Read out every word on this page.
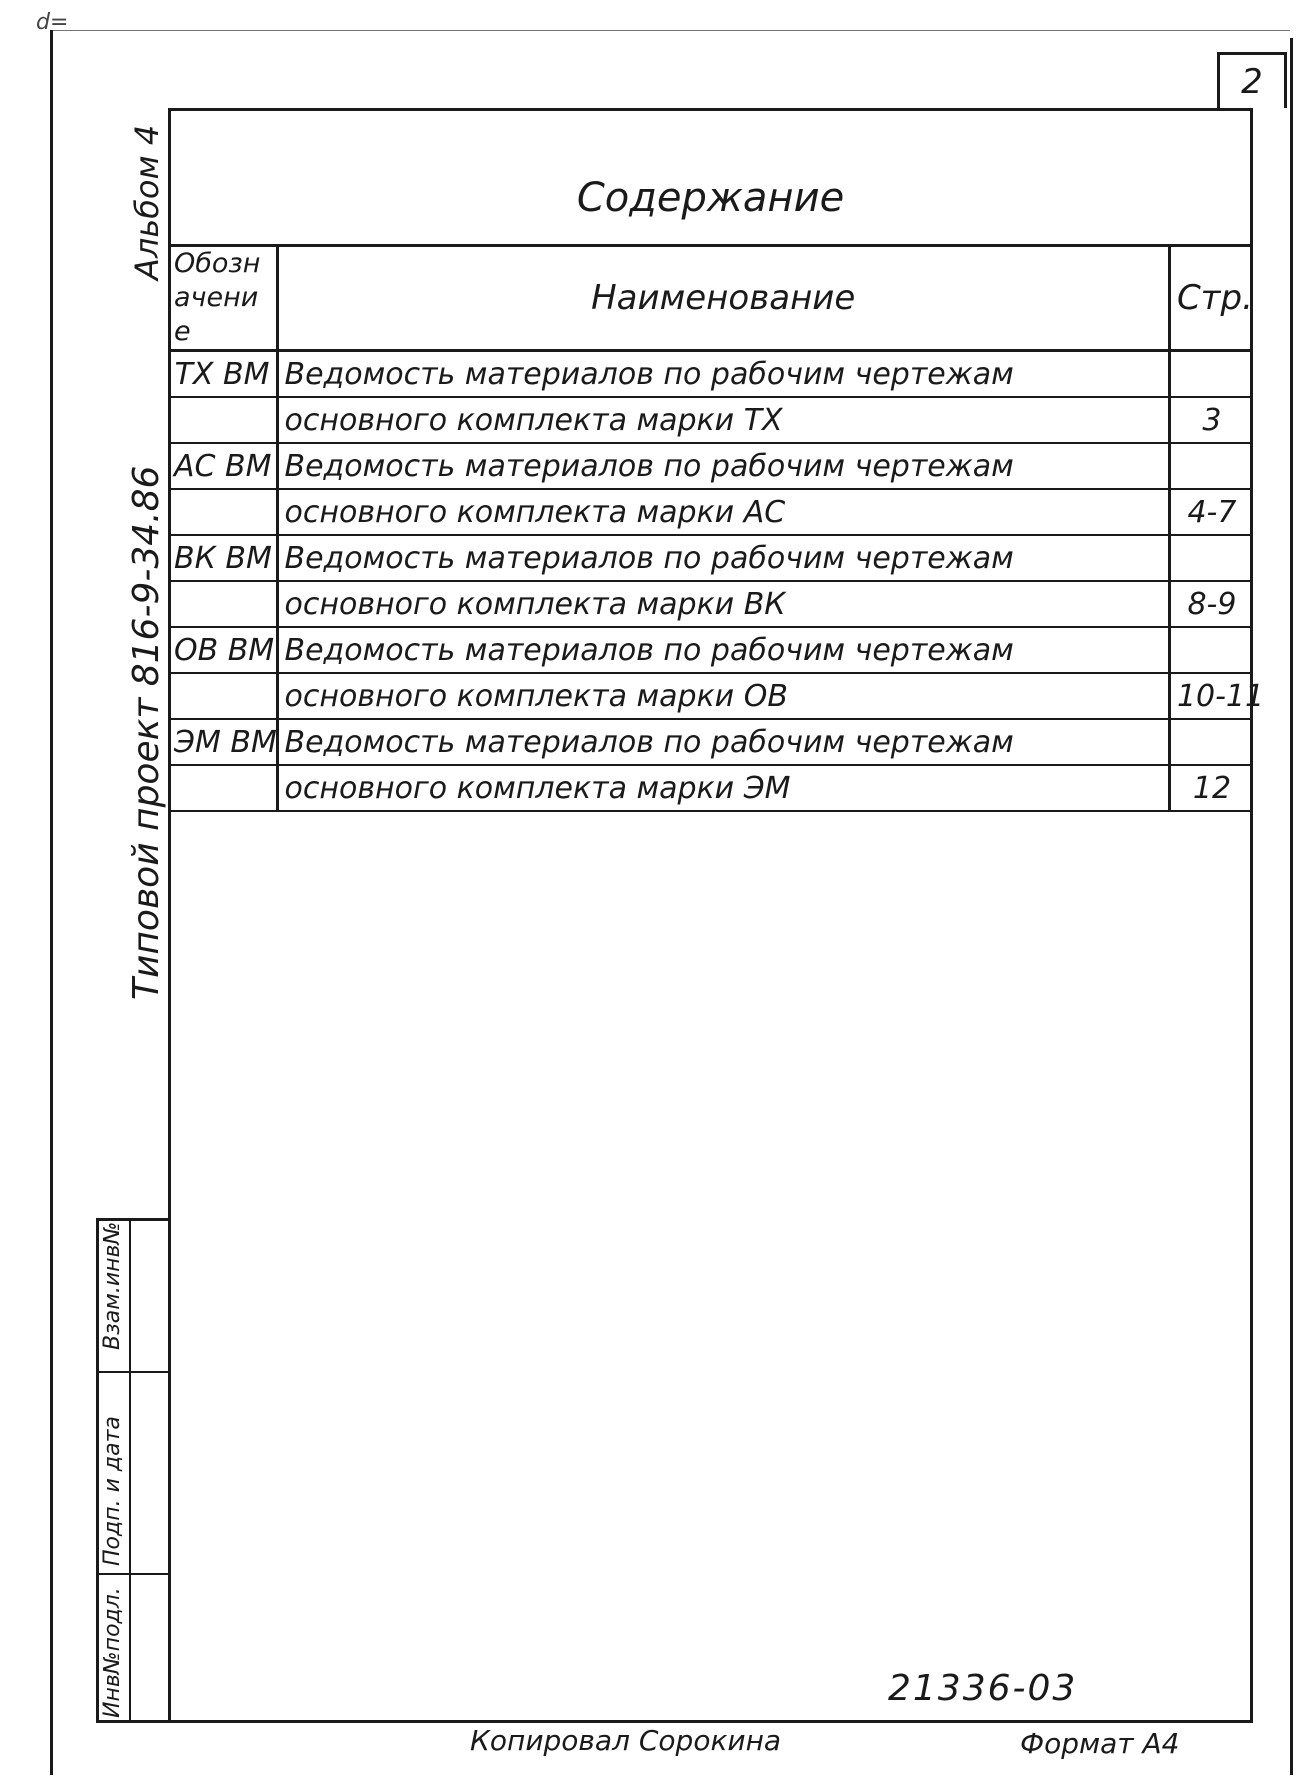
d=
2
Содержание
Обозначение	Наименование	Стр.
ТХ ВМ	Ведомость материалов по рабочим чертежам	
	основного комплекта марки ТХ	3
АС ВМ	Ведомость материалов по рабочим чертежам	
	основного комплекта марки АС	4-7
ВК ВМ	Ведомость материалов по рабочим чертежам	
	основного комплекта марки ВК	8-9
ОВ ВМ	Ведомость материалов по рабочим чертежам	
	основного комплекта марки ОВ	10-11
ЭМ ВМ	Ведомость материалов по рабочим чертежам	
	основного комплекта марки ЭМ	12
Альбом 4
Типовой проект 816-9-34.86
Инв№подл.
Подп. и дата
Взам.инв№
21336-03
Копировал Сорокина	Формат А4
